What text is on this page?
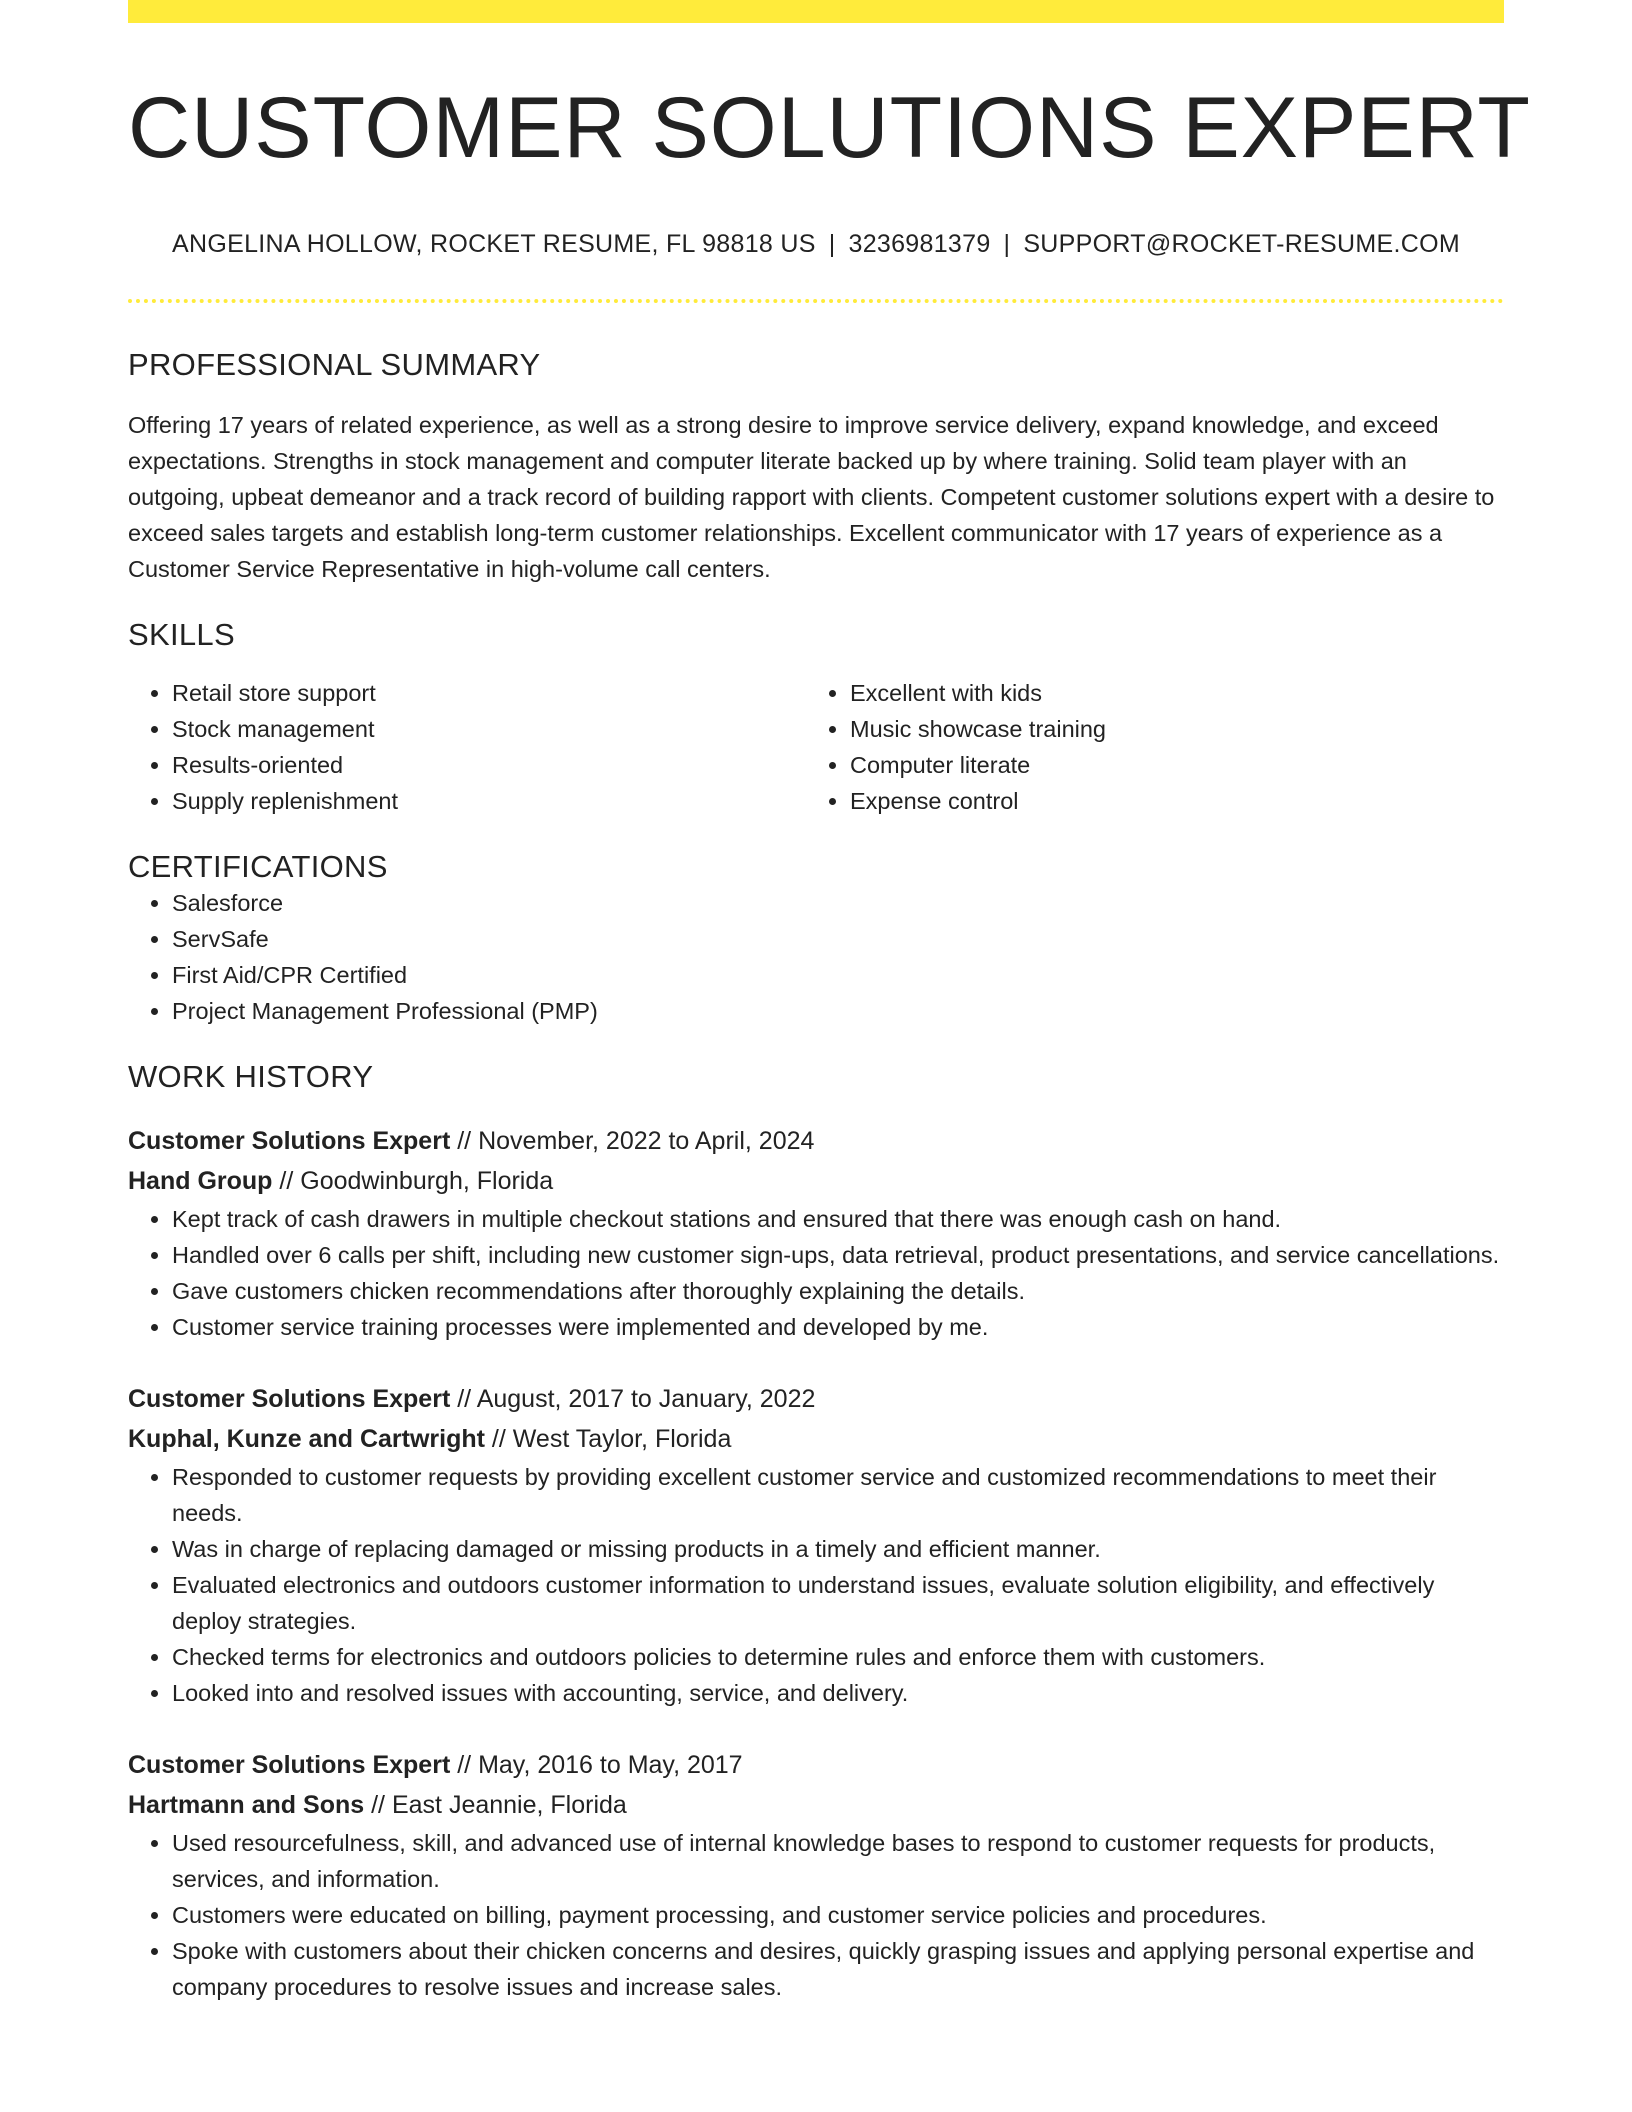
CUSTOMER SOLUTIONS EXPERT
ANGELINA HOLLOW, ROCKET RESUME, FL 98818 US | 3236981379 | SUPPORT@ROCKET-RESUME.COM
PROFESSIONAL SUMMARY

Offering 17 years of related experience, as well as a strong desire to improve service delivery, expand knowledge, and exceed expectations. Strengths in stock management and computer literate backed up by where training. Solid team player with an outgoing, upbeat demeanor and a track record of building rapport with clients. Competent customer solutions expert with a desire to exceed sales targets and establish long-term customer relationships. Excellent communicator with 17 years of experience as a Customer Service Representative in high-volume call centers.

SKILLS
• Retail store support
• Stock management
• Results-oriented
• Supply replenishment
• Excellent with kids
• Music showcase training
• Computer literate
• Expense control
CERTIFICATIONS
• Salesforce
• ServSafe
• First Aid/CPR Certified
• Project Management Professional (PMP)
WORK HISTORY
Customer Solutions Expert // November, 2022 to April, 2024
Hand Group // Goodwinburgh, Florida
• Kept track of cash drawers in multiple checkout stations and ensured that there was enough cash on hand.
• Handled over 6 calls per shift, including new customer sign-ups, data retrieval, product presentations, and service cancellations.
• Gave customers chicken recommendations after thoroughly explaining the details.
• Customer service training processes were implemented and developed by me.
Customer Solutions Expert // August, 2017 to January, 2022
Kuphal, Kunze and Cartwright // West Taylor, Florida
• Responded to customer requests by providing excellent customer service and customized recommendations to meet their needs.
• Was in charge of replacing damaged or missing products in a timely and efficient manner.
• Evaluated electronics and outdoors customer information to understand issues, evaluate solution eligibility, and effectively deploy strategies.
• Checked terms for electronics and outdoors policies to determine rules and enforce them with customers.
• Looked into and resolved issues with accounting, service, and delivery.
Customer Solutions Expert // May, 2016 to May, 2017
Hartmann and Sons // East Jeannie, Florida
• Used resourcefulness, skill, and advanced use of internal knowledge bases to respond to customer requests for products, services, and information.
• Customers were educated on billing, payment processing, and customer service policies and procedures.
• Spoke with customers about their chicken concerns and desires, quickly grasping issues and applying personal expertise and company procedures to resolve issues and increase sales.
